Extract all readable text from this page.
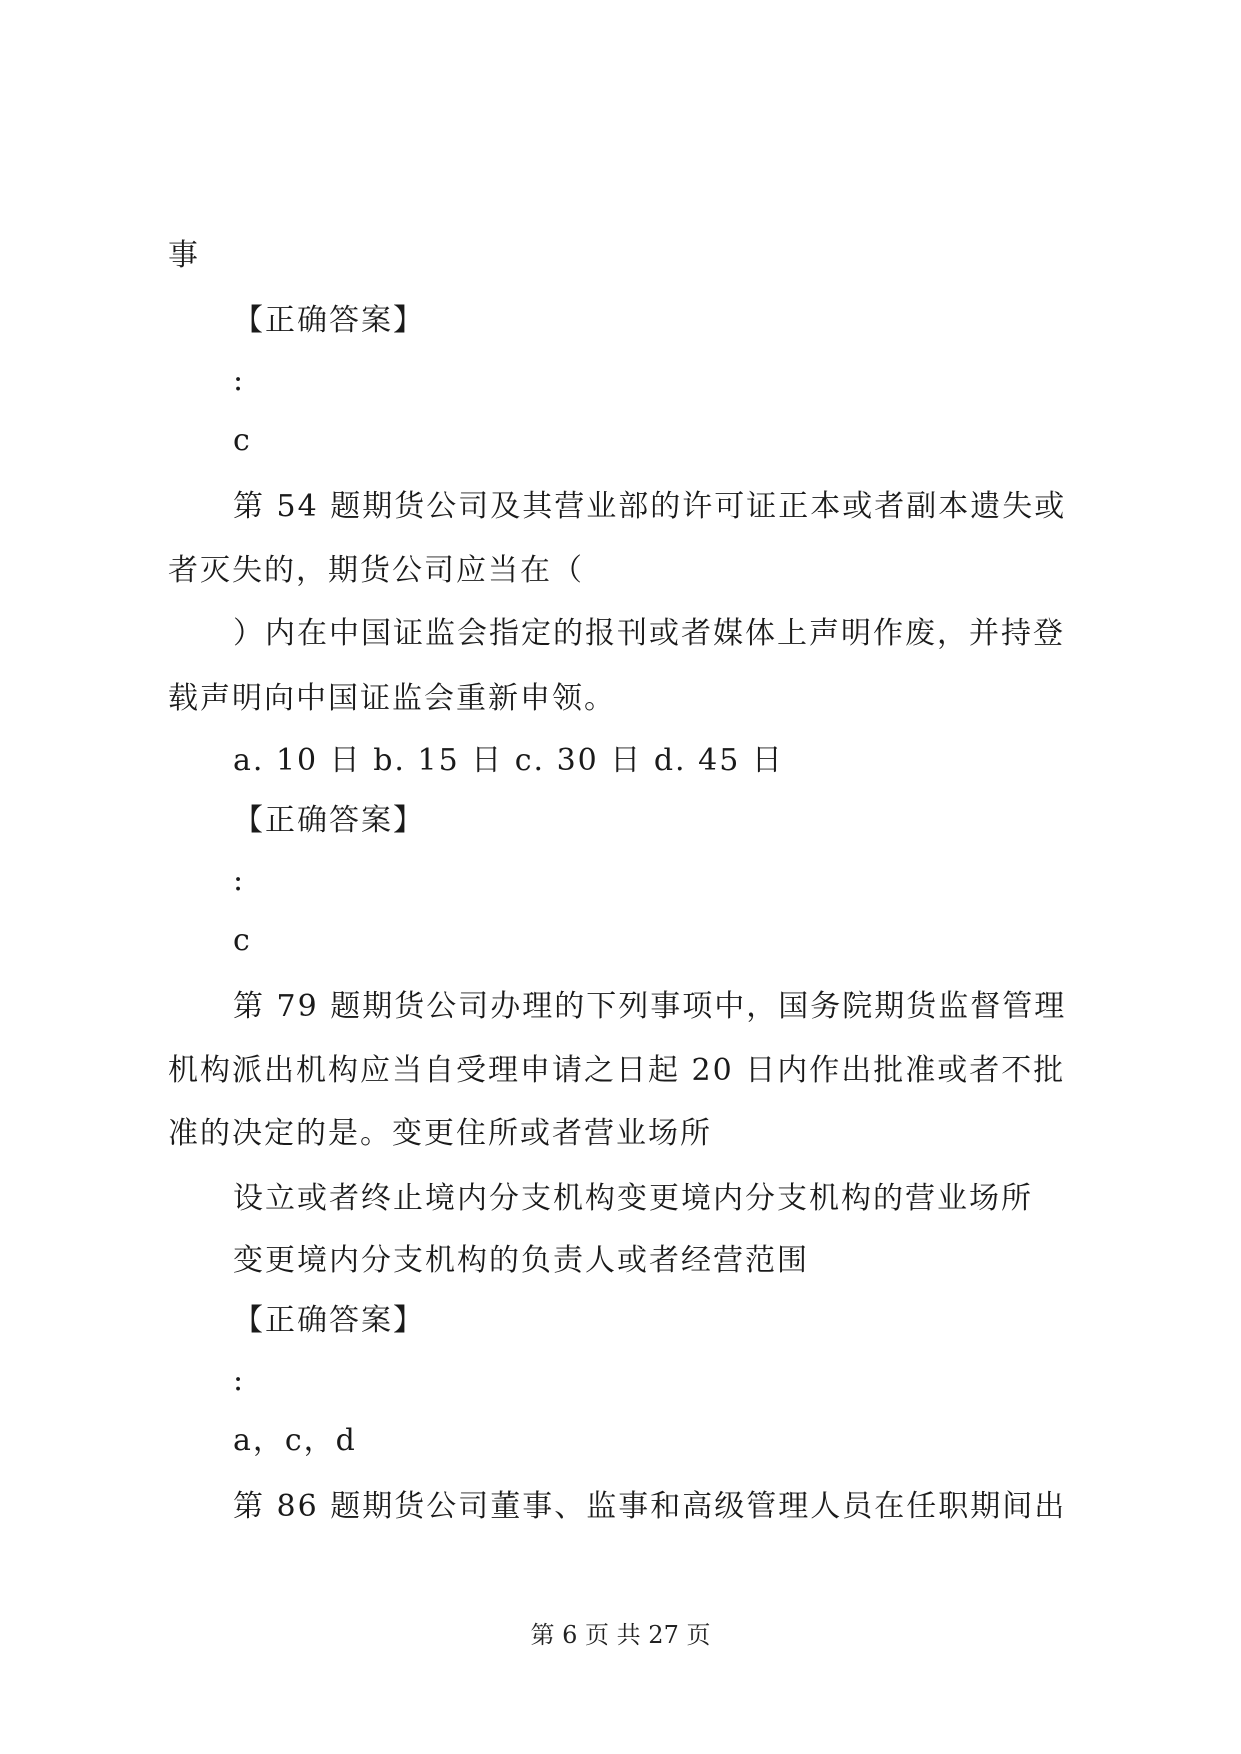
事
【正确答案】
:
c
第 54 题期货公司及其营业部的许可证正本或者副本遗失或
者灭失的，期货公司应当在（
）内在中国证监会指定的报刊或者媒体上声明作废，并持登
载声明向中国证监会重新申领。
a. 10 日 b. 15 日 c. 30 日 d. 45 日
【正确答案】
:
c
第 79 题期货公司办理的下列事项中，国务院期货监督管理
机构派出机构应当自受理申请之日起 20 日内作出批准或者不批
准的决定的是。变更住所或者营业场所
设立或者终止境内分支机构变更境内分支机构的营业场所
变更境内分支机构的负责人或者经营范围
【正确答案】
:
a，c，d
第 86 题期货公司董事、监事和高级管理人员在任职期间出
第 6 页 共 27 页
